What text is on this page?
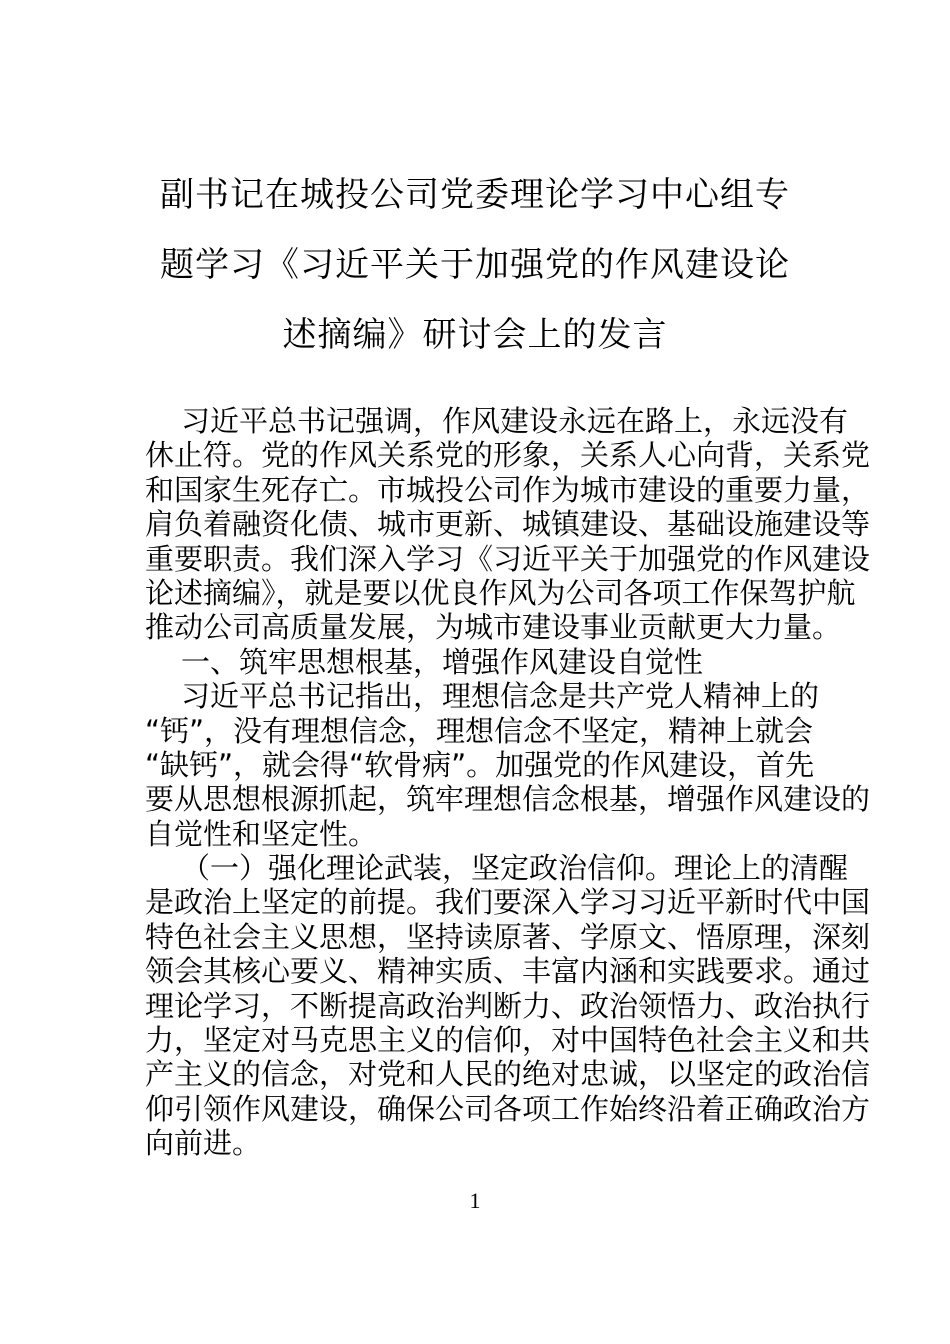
副书记在城投公司党委理论学习中心组专
题学习《习近平关于加强党的作风建设论
述摘编》研讨会上的发言
习近平总书记强调，作风建设永远在路上，永远没有
休止符。党的作风关系党的形象，关系人心向背，关系党
和国家生死存亡。市城投公司作为城市建设的重要力量，
肩负着融资化债、城市更新、城镇建设、基础设施建设等
重要职责。我们深入学习《习近平关于加强党的作风建设
论述摘编》，就是要以优良作风为公司各项工作保驾护航
推动公司高质量发展，为城市建设事业贡献更大力量。
一、筑牢思想根基，增强作风建设自觉性
习近平总书记指出，理想信念是共产党人精神上的
“钙”，没有理想信念，理想信念不坚定，精神上就会
“缺钙”，就会得“软骨病”。加强党的作风建设，首先
要从思想根源抓起，筑牢理想信念根基，增强作风建设的
自觉性和坚定性。
（一）强化理论武装，坚定政治信仰。理论上的清醒
是政治上坚定的前提。我们要深入学习习近平新时代中国
特色社会主义思想，坚持读原著、学原文、悟原理，深刻
领会其核心要义、精神实质、丰富内涵和实践要求。通过
理论学习，不断提高政治判断力、政治领悟力、政治执行
力，坚定对马克思主义的信仰，对中国特色社会主义和共
产主义的信念，对党和人民的绝对忠诚，以坚定的政治信
仰引领作风建设，确保公司各项工作始终沿着正确政治方
向前进。
1
